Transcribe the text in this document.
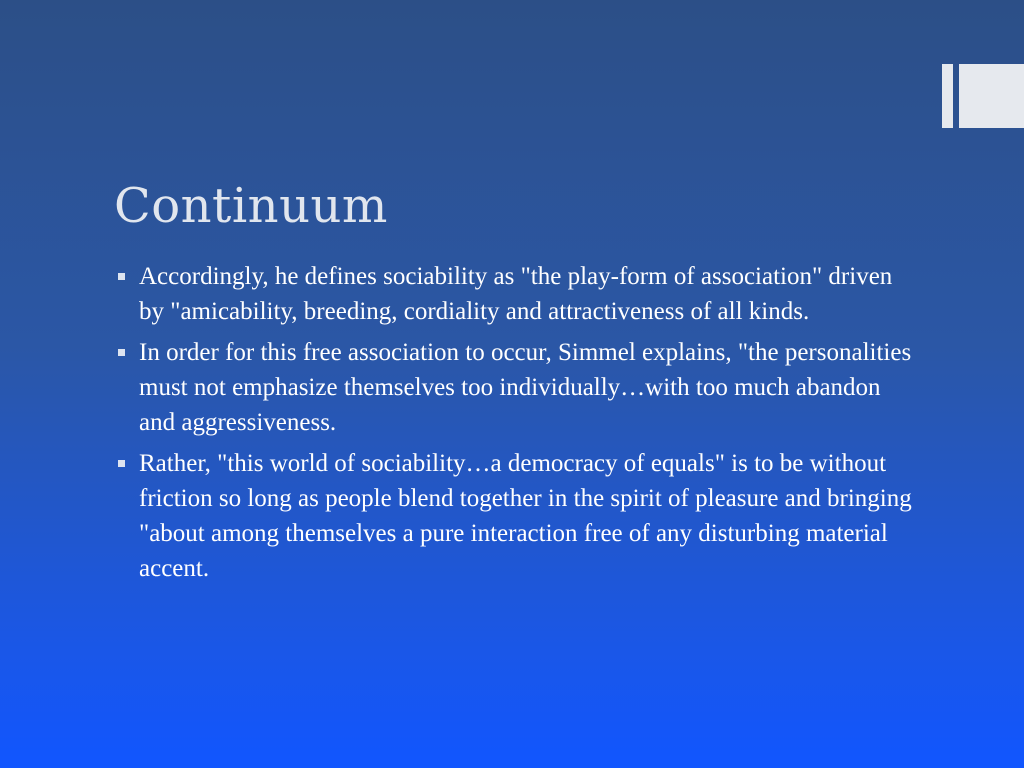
Continuum
Accordingly, he defines sociability as "the play-form of association" driven by "amicability, breeding, cordiality and attractiveness of all kinds.
In order for this free association to occur, Simmel explains, "the personalities must not emphasize themselves too individually…with too much abandon and aggressiveness.
Rather, "this world of sociability…a democracy of equals" is to be without friction so long as people blend together in the spirit of pleasure and bringing "about among themselves a pure interaction free of any disturbing material accent.
